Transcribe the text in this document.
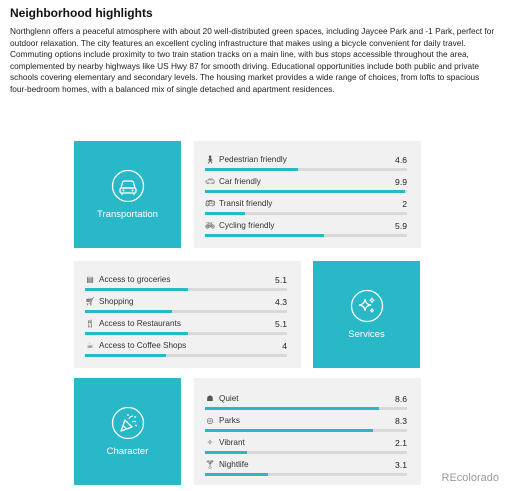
Neighborhood highlights
Northglenn offers a peaceful atmosphere with about 20 well-distributed green spaces, including Jaycee Park and -1 Park, perfect for outdoor relaxation. The city features an excellent cycling infrastructure that makes using a bicycle convenient for daily travel. Commuting options include proximity to two train station tracks on a main line, with bus stops accessible throughout the area, complemented by nearby highways like US Hwy 87 for smooth driving. Educational opportunities include both public and private schools covering elementary and secondary levels. The housing market provides a wide range of choices, from lofts to spacious four-bedroom homes, with a balanced mix of single detached and apartment residences.
Transportation
🚶︎ Pedestrian friendly	4.6
🚗︎ Car friendly	9.9
🚌︎ Transit friendly	2
🚲︎ Cycling friendly	5.9
▤ Access to groceries	5.1
🛒︎ Shopping	4.3
🍴︎ Access to Restaurants	5.1
☕︎ Access to Coffee Shops	4
Services
Character
☗ Quiet	8.6
◎ Parks	8.3
✧ Vibrant	2.1
🍸︎ Nightlife	3.1
REcolorado
